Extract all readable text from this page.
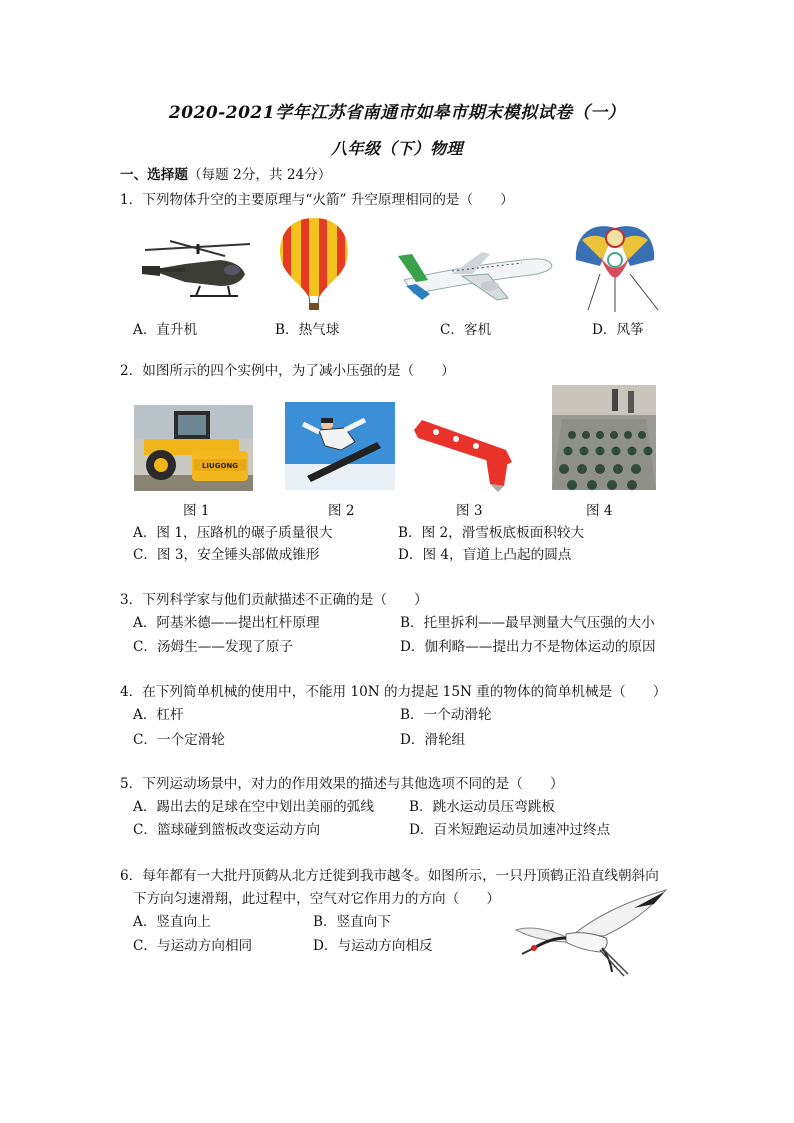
2020-2021学年江苏省南通市如皋市期末模拟试卷（一）
八年级（下）物理
一、选择题（每题 2分，共 24分）
1．下列物体升空的主要原理与“火箭” 升空原理相同的是（　　）
A．直升机	B．热气球	C．客机	D．风筝
2．如图所示的四个实例中，为了减小压强的是（　　）
LIUGONG
图 1	图 2	图 3	图 4
A．图 1，压路机的碾子质量很大	B．图 2，滑雪板底板面积较大
C．图 3，安全锤头部做成锥形	D．图 4，盲道上凸起的圆点
3．下列科学家与他们贡献描述不正确的是（　　）
A．阿基米德——提出杠杆原理	B．托里拆利——最早测量大气压强的大小
C．汤姆生——发现了原子	D．伽利略——提出力不是物体运动的原因
4．在下列简单机械的使用中，不能用 10N 的力提起 15N 重的物体的简单机械是（　　）
A．杠杆	B．一个动滑轮
C．一个定滑轮	D．滑轮组
5．下列运动场景中，对力的作用效果的描述与其他选项不同的是（　　）
A．踢出去的足球在空中划出美丽的弧线	B．跳水运动员压弯跳板
C．篮球碰到篮板改变运动方向	D．百米短跑运动员加速冲过终点
6．每年都有一大批丹顶鹤从北方迁徙到我市越冬。如图所示，一只丹顶鹤正沿直线朝斜向
下方向匀速滑翔，此过程中，空气对它作用力的方向（　　）
A．竖直向上	B．竖直向下
C．与运动方向相同	D．与运动方向相反
